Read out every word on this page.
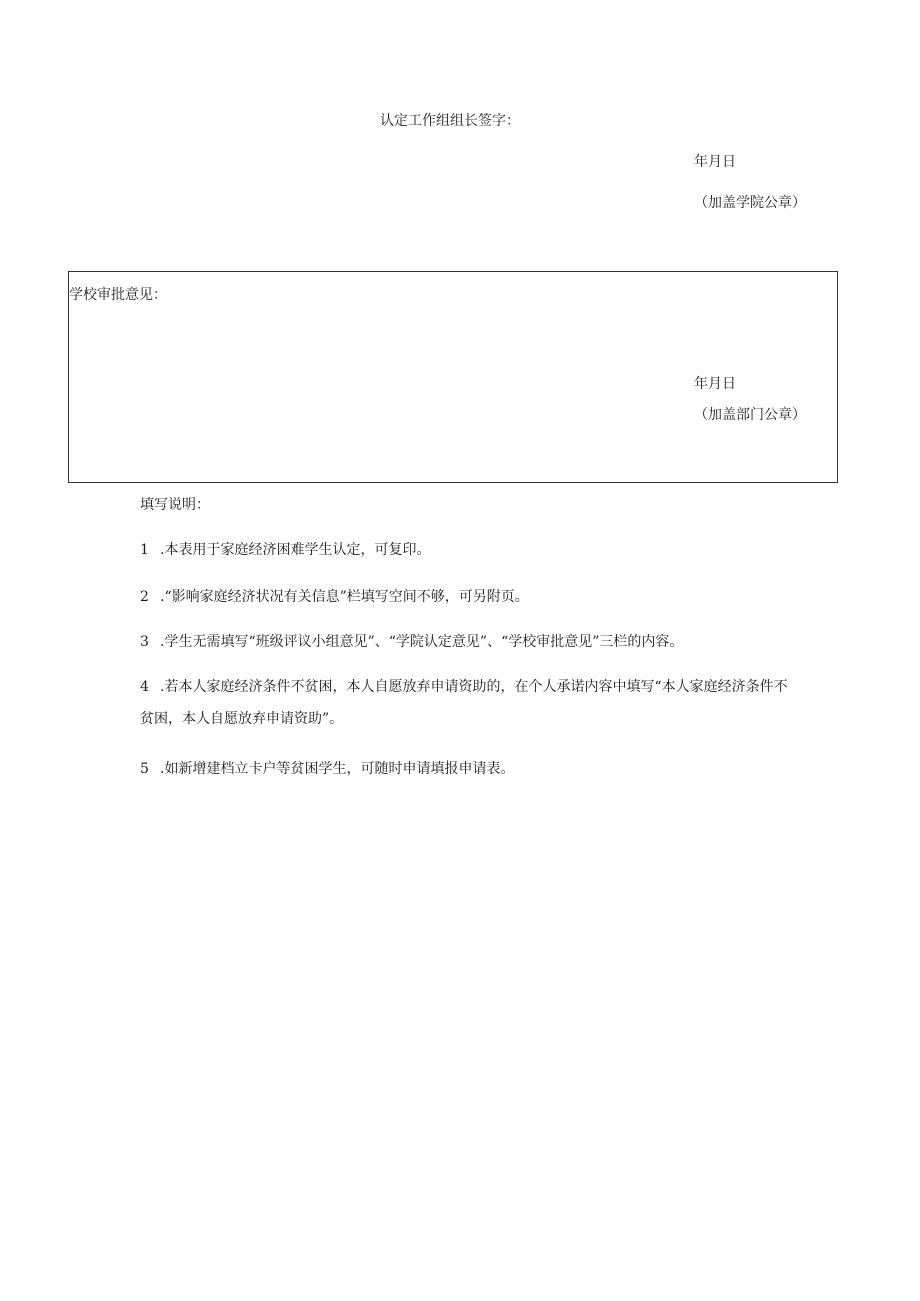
认定工作组组长签字：
年月日
（加盖学院公章）
学校审批意见：
年月日
（加盖部门公章）
填写说明：
1 .本表用于家庭经济困难学生认定，可复印。
2 .“影响家庭经济状况有关信息”栏填写空间不够，可另附页。
3 .学生无需填写“班级评议小组意见”、“学院认定意见”、“学校审批意见”三栏的内容。
4 .若本人家庭经济条件不贫困，本人自愿放弃申请资助的，在个人承诺内容中填写“本人家庭经济条件不
贫困，本人自愿放弃申请资助”。
5 .如新增建档立卡户等贫困学生，可随时申请填报申请表。
